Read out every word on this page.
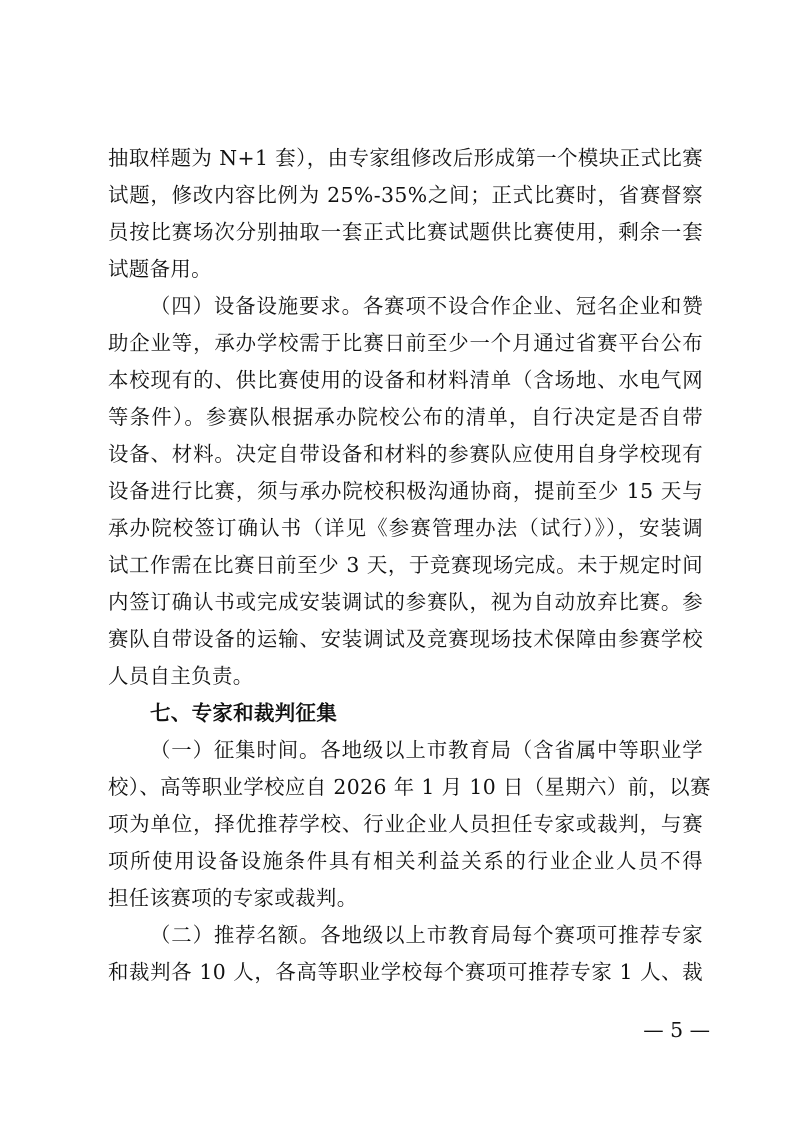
抽取样题为 N+1 套），由专家组修改后形成第一个模块正式比赛
试题，修改内容比例为 25%-35%之间；正式比赛时，省赛督察
员按比赛场次分别抽取一套正式比赛试题供比赛使用，剩余一套
试题备用。
（四）设备设施要求。各赛项不设合作企业、冠名企业和赞
助企业等，承办学校需于比赛日前至少一个月通过省赛平台公布
本校现有的、供比赛使用的设备和材料清单（含场地、水电气网
等条件）。参赛队根据承办院校公布的清单，自行决定是否自带
设备、材料。决定自带设备和材料的参赛队应使用自身学校现有
设备进行比赛，须与承办院校积极沟通协商，提前至少 15 天与
承办院校签订确认书（详见《参赛管理办法（试行）》），安装调
试工作需在比赛日前至少 3 天，于竞赛现场完成。未于规定时间
内签订确认书或完成安装调试的参赛队，视为自动放弃比赛。参
赛队自带设备的运输、安装调试及竞赛现场技术保障由参赛学校
人员自主负责。
七、专家和裁判征集
（一）征集时间。各地级以上市教育局（含省属中等职业学
校）、高等职业学校应自 2026 年 1 月 10 日（星期六）前，以赛
项为单位，择优推荐学校、行业企业人员担任专家或裁判，与赛
项所使用设备设施条件具有相关利益关系的行业企业人员不得
担任该赛项的专家或裁判。
（二）推荐名额。各地级以上市教育局每个赛项可推荐专家
和裁判各 10 人，各高等职业学校每个赛项可推荐专家 1 人、裁
— 5 —
